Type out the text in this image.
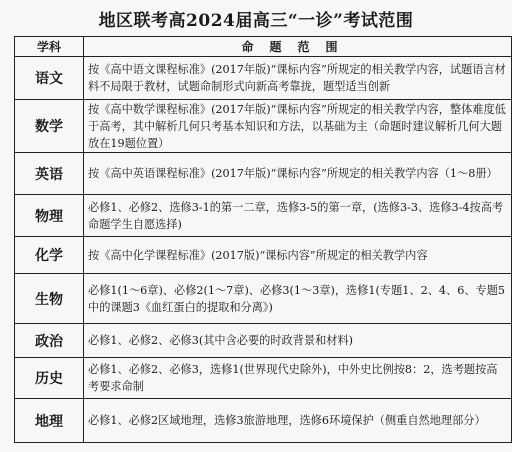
地区联考高2024届高三“一诊”考试范围
学科	命题范围
语文	按《高中语文课程标准》(2017年版)“课标内容”所规定的相关教学内容，试题语言材料不局限于教材，试题命制形式向新高考靠拢，题型适当创新
数学	按《高中数学课程标准》(2017年版)“课标内容”所规定的相关教学内容，整体难度低于高考，其中解析几何只考基本知识和方法，以基础为主（命题时建议解析几何大题放在19题位置）
英语	按《高中英语课程标准》(2017年版)“课标内容”所规定的相关教学内容（1～8册）
物理	必修1、必修2、选修3-1的第一二章，选修3-5的第一章，(选修3-3、选修3-4按高考命题学生自愿选择)
化学	按《高中化学课程标准》(2017版)“课标内容”所规定的相关教学内容
生物	必修1(1～6章)、必修2(1～7章)、必修3(1～3章)，选修1(专题1、2、4、6、专题5中的课题3《血红蛋白的提取和分离》)
政治	必修1、必修2、必修3(其中含必要的时政背景和材料)
历史	必修1、必修2、必修3，选修1(世界现代史除外)，中外史比例按8：2，选考题按高考要求命制
地理	必修1、必修2区域地理，选修3旅游地理，选修6环境保护（侧重自然地理部分）
